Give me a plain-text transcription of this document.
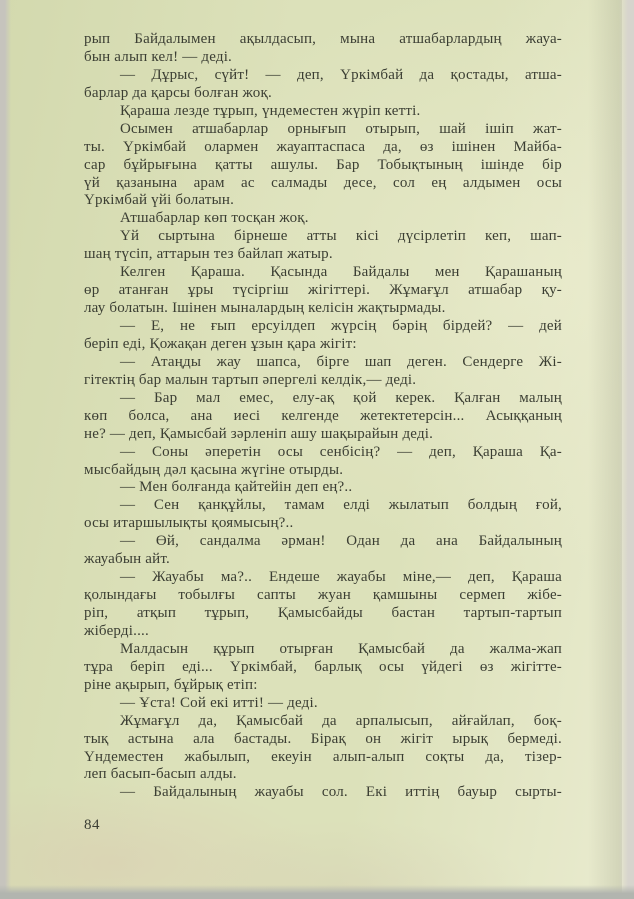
рып Байдалымен ақылдасып, мына атшабарлардың жауа-
бын алып кел! — деді.
— Дұрыс, сүйт! — деп, Үркімбай да қостады, атша-
барлар да қарсы болған жоқ.
Қараша лезде тұрып, үндеместен жүріп кетті.
Осымен атшабарлар орнығып отырып, шай ішіп жат-
ты. Үркімбай олармен жауаптаспаса да, өз ішінен Майба-
сар бұйрығына қатты ашулы. Бар Тобықтының ішінде бір
үй қазанына арам ас салмады десе, сол ең алдымен осы
Үркімбай үйі болатын.
Атшабарлар көп тосқан жоқ.
Үй сыртына бірнеше атты кісі дүсірлетіп кеп, шап-
шаң түсіп, аттарын тез байлап жатыр.
Келген Қараша. Қасында Байдалы мен Қарашаның
өр атанған ұры түсіргіш жігіттері. Жұмағұл атшабар қу-
лау болатын. Ішінен мыналардың келісін жақтырмады.
— Е, не ғып ерсуілдеп жүрсің бәрің бірдей? — дей
беріп еді, Қожақан деген ұзын қара жігіт:
— Атаңды жау шапса, бірге шап деген. Сендерге Жі-
гітектің бар малын тартып әпергелі келдік,— деді.
— Бар мал емес, елу-ақ қой керек. Қалған малың
көп болса, ана иесі келгенде жетектетерсін... Асыққаның
не? — деп, Қамысбай зәрленіп ашу шақырайын деді.
— Соны әперетін осы сенбісің? — деп, Қараша Қа-
мысбайдың дәл қасына жүгіне отырды.
— Мен болғанда қайтейін деп ең?..
— Сен қанқұйлы, тамам елді жылатып болдың ғой,
осы итаршылықты қоямысың?..
— Өй, сандалма әрман! Одан да ана Байдалының
жауабын айт.
— Жауабы ма?.. Ендеше жауабы міне,— деп, Қараша
қолындағы тобылғы сапты жуан қамшыны сермеп жібе-
ріп, атқып тұрып, Қамысбайды бастан тартып-тартып
жіберді....
Малдасын құрып отырған Қамысбай да жалма-жап
тұра беріп еді... Үркімбай, барлық осы үйдегі өз жігітте-
ріне ақырып, бұйрық етіп:
— Ұста! Сой екі итті! — деді.
Жұмағұл да, Қамысбай да арпалысып, айғайлап, боқ-
тық астына ала бастады. Бірақ он жігіт ырық бермеді.
Үндеместен жабылып, екеуін алып-алып соқты да, тізер-
леп басып-басып алды.
— Байдалының жауабы сол. Екі иттің бауыр сырты-
84
